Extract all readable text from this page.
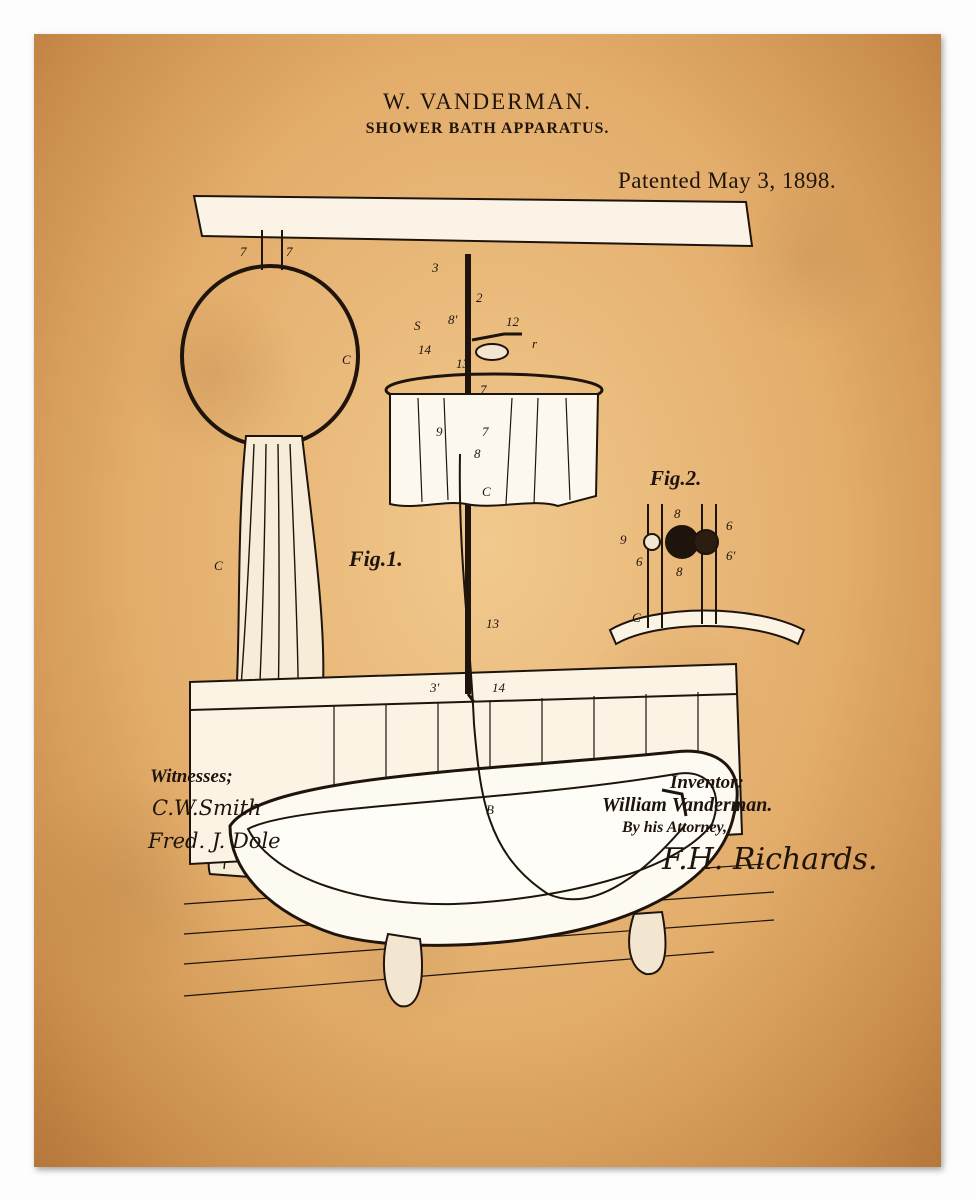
W. VANDERMAN.
SHOWER BATH APPARATUS.
Patented May 3, 1898.
7	7
C
C
3
2
S 8'	12
14	r
13
7
9	7
8
C
13
3'	14
B
9
8
6
6
8
6'
C
Fig.1.
Fig.2.
Witnesses;
C.W.Smith
Fred. J. Dole
Inventor:
William Vanderman.
By his Attorney,
F.H. Richards.
